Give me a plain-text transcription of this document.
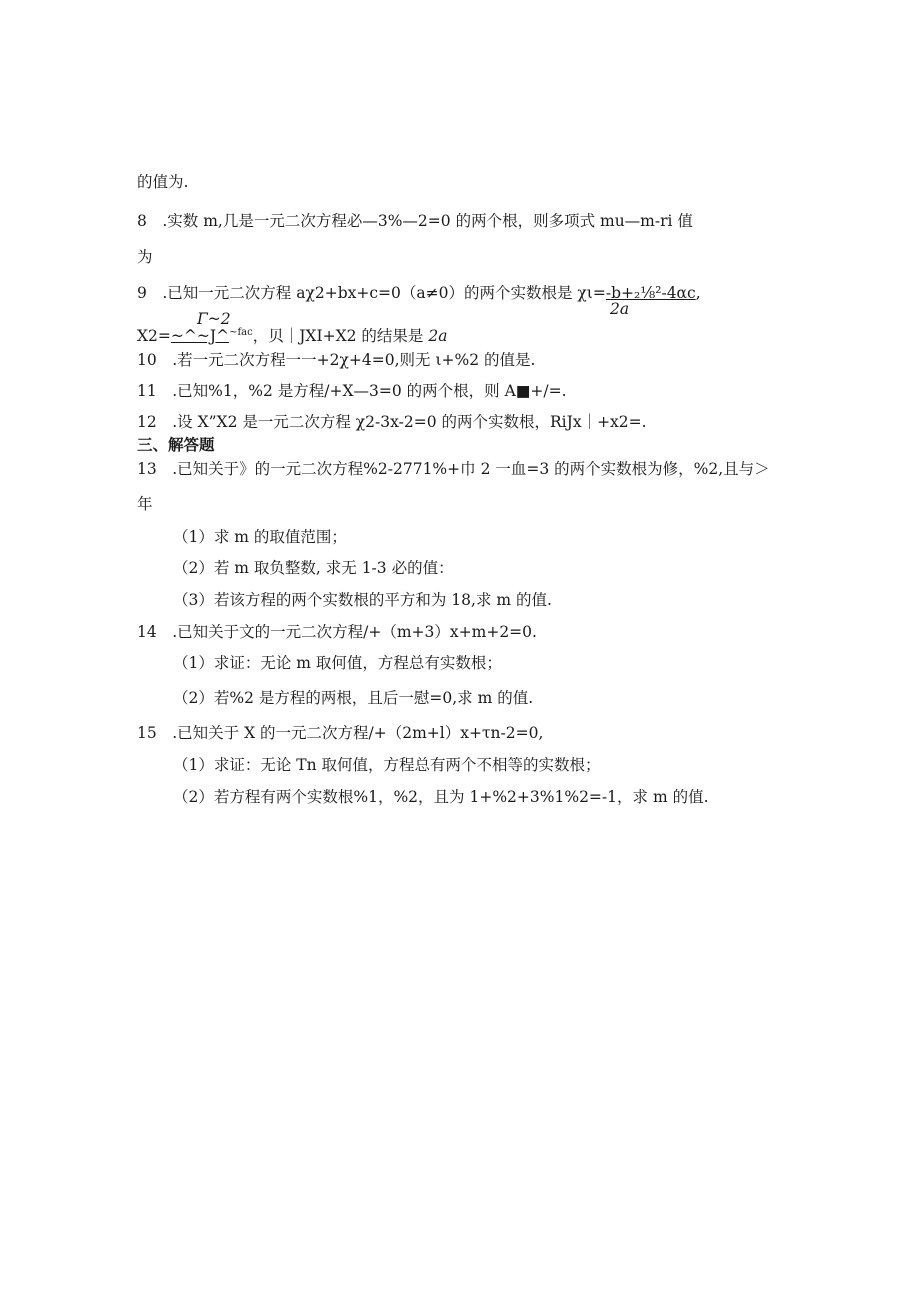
的值为.
8 .实数 m,几是一元二次方程必—3%—2=0 的两个根，则多项式 mu—m-ri 值
为
9 .已知一元二次方程 aχ2+bx+c=0（a≠0）的两个实数根是 χι=-b+₂⅛²-4αc,
2a
Γ~2
X2=~^~J^$^{\sim fac}$，贝｜JXI+X2 的结果是 2a
10 .若一元二次方程一一+2χ+4=0,则无 ι+%2 的值是.
11 .已知%1，%2 是方程/+X—3=0 的两个根，则 A■+/=.
12 .设 X”X2 是一元二次方程 χ2-3x-2=0 的两个实数根，RiJx｜+x2=.
三、解答题
13 .已知关于》的一元二次方程%2-2771%+巾 2 一血=3 的两个实数根为修，%2,且与＞
年
（1）求 m 的取值范围；
（2）若 m 取负整数, 求无 1-3 必的值：
（3）若该方程的两个实数根的平方和为 18,求 m 的值.
14 .已知关于文的一元二次方程/+（m+3）x+m+2=0.
（1）求证：无论 m 取何值，方程总有实数根；
（2）若%2 是方程的两根，且后一慰=0,求 m 的值.
15 .已知关于 X 的一元二次方程/+（2m+l）x+τn-2=0,
（1）求证：无论 Tn 取何值，方程总有两个不相等的实数根；
（2）若方程有两个实数根%1，%2，且为 1+%2+3%1%2=-1，求 m 的值.
